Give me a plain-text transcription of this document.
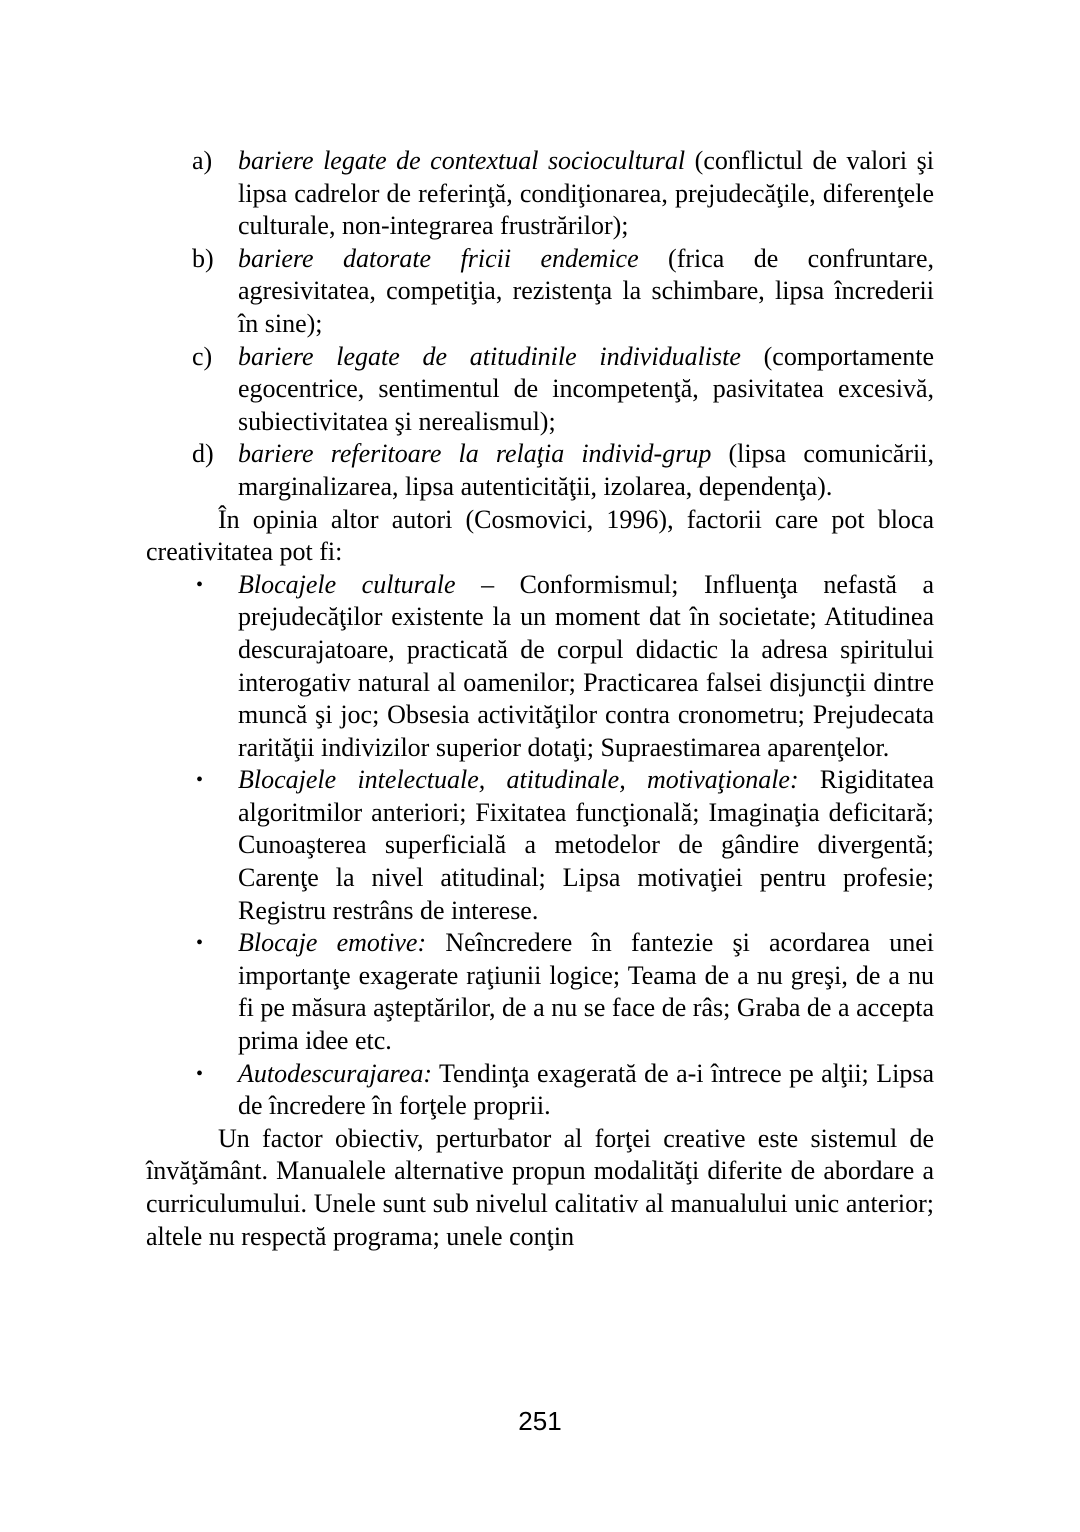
a) bariere legate de contextual sociocultural (conflictul de valori şi lipsa cadrelor de referinţă, condiţionarea, prejudecăţile, diferenţele culturale, non-integrarea frustrărilor);
b) bariere datorate fricii endemice (frica de confruntare, agresivitatea, competiţia, rezistenţa la schimbare, lipsa încrederii în sine);
c) bariere legate de atitudinile individualiste (comportamente egocentrice, sentimentul de incompetenţă, pasivitatea excesivă, subiectivitatea şi nerealismul);
d) bariere referitoare la relaţia individ-grup (lipsa comunicării, marginalizarea, lipsa autenticităţii, izolarea, dependenţa).

În opinia altor autori (Cosmovici, 1996), factorii care pot bloca creativitatea pot fi:

• Blocajele culturale – Conformismul; Influenţa nefastă a prejudecăţilor existente la un moment dat în societate; Atitudinea descurajatoare, practicată de corpul didactic la adresa spiritului interogativ natural al oamenilor; Practicarea falsei disjuncţii dintre muncă şi joc; Obsesia activităţilor contra cronometru; Prejudecata rarităţii indivizilor superior dotaţi; Supraestimarea aparenţelor.
• Blocajele intelectuale, atitudinale, motivaţionale: Rigiditatea algoritmilor anteriori; Fixitatea funcţională; Imaginaţia deficitară; Cunoaşterea superficială a metodelor de gândire divergentă; Carenţe la nivel atitudinal; Lipsa motivaţiei pentru profesie; Registru restrâns de interese.
• Blocaje emotive: Neîncredere în fantezie şi acordarea unei importanţe exagerate raţiunii logice; Teama de a nu greşi, de a nu fi pe măsura aşteptărilor, de a nu se face de râs; Graba de a accepta prima idee etc.
• Autodescurajarea: Tendinţa exagerată de a-i întrece pe alţii; Lipsa de încredere în forţele proprii.

Un factor obiectiv, perturbator al forţei creative este sistemul de învăţământ. Manualele alternative propun modalităţi diferite de abordare a curriculumului. Unele sunt sub nivelul calitativ al manualului unic anterior; altele nu respectă programa; unele conţin

251
